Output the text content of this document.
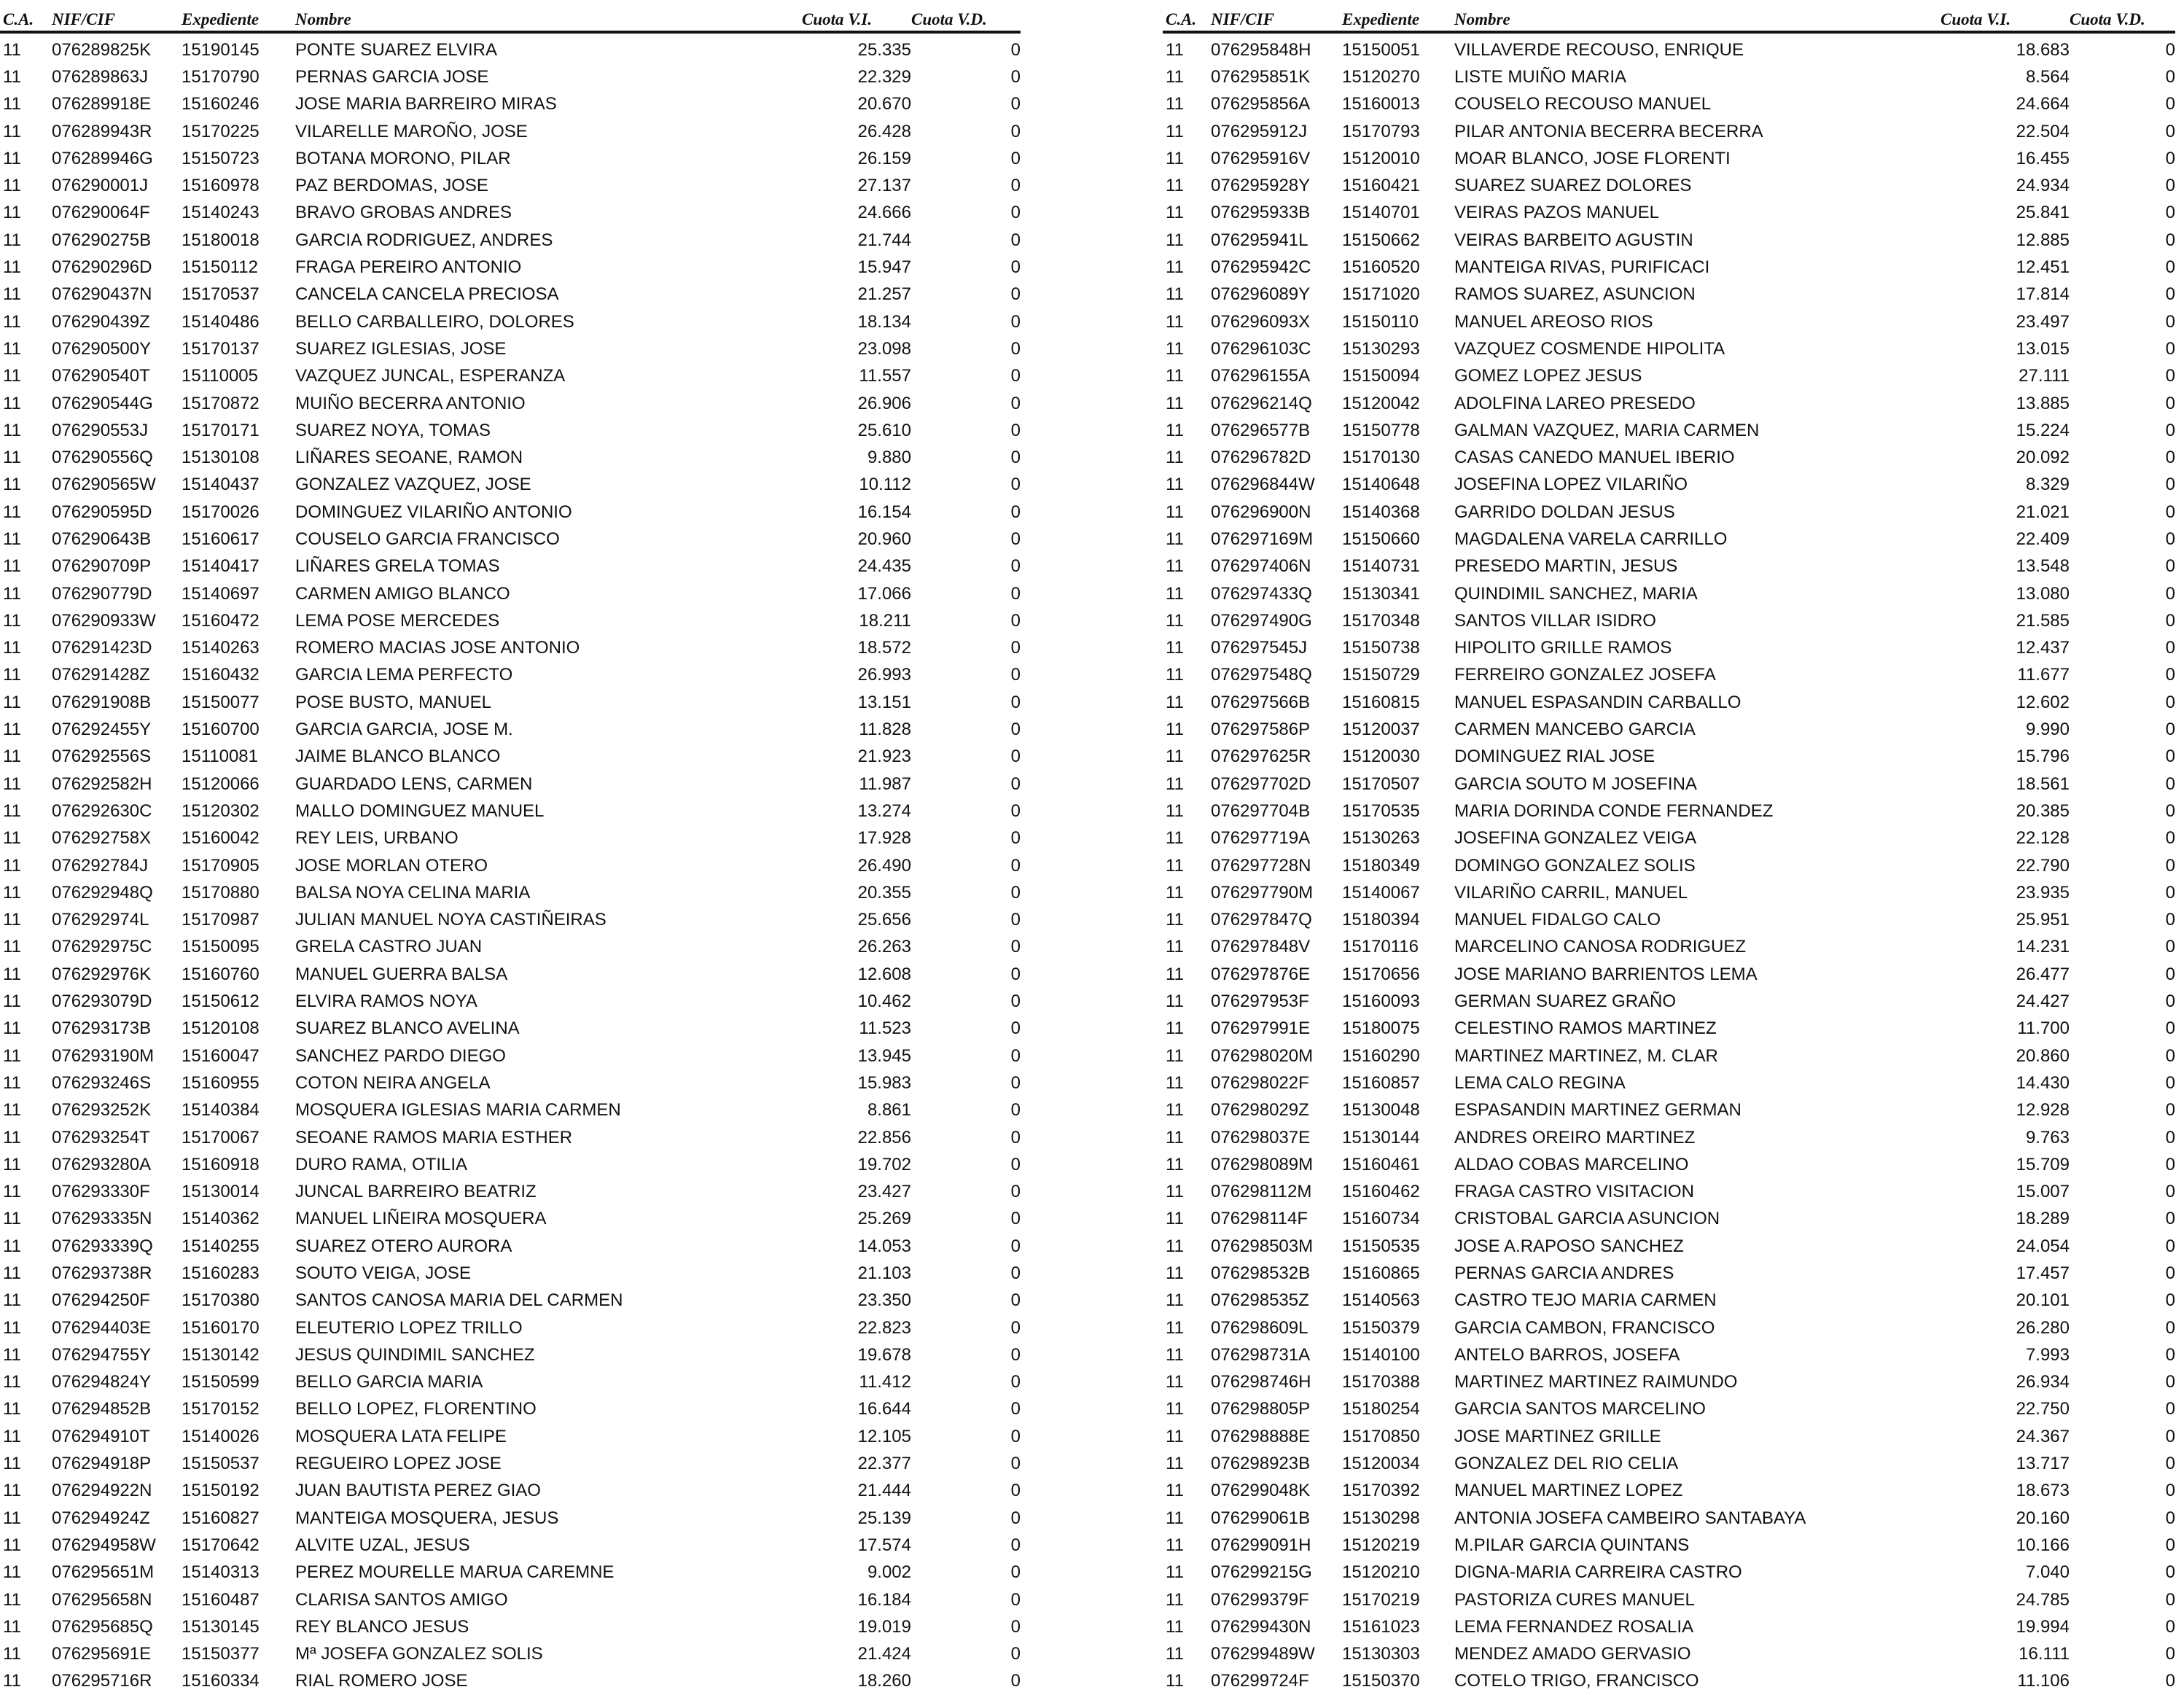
C.A.	NIF/CIF	Expediente	Nombre	Cuota V.I.	Cuota V.D.
11	076289825K	15190145	PONTE SUAREZ ELVIRA	25.335	0
11	076289863J	15170790	PERNAS GARCIA JOSE	22.329	0
11	076289918E	15160246	JOSE MARIA BARREIRO MIRAS	20.670	0
11	076289943R	15170225	VILARELLE MAROÑO, JOSE	26.428	0
11	076289946G	15150723	BOTANA MORONO, PILAR	26.159	0
11	076290001J	15160978	PAZ BERDOMAS, JOSE	27.137	0
11	076290064F	15140243	BRAVO GROBAS ANDRES	24.666	0
11	076290275B	15180018	GARCIA RODRIGUEZ, ANDRES	21.744	0
11	076290296D	15150112	FRAGA PEREIRO ANTONIO	15.947	0
11	076290437N	15170537	CANCELA CANCELA PRECIOSA	21.257	0
11	076290439Z	15140486	BELLO CARBALLEIRO, DOLORES	18.134	0
11	076290500Y	15170137	SUAREZ IGLESIAS, JOSE	23.098	0
11	076290540T	15110005	VAZQUEZ JUNCAL, ESPERANZA	11.557	0
11	076290544G	15170872	MUIÑO BECERRA ANTONIO	26.906	0
11	076290553J	15170171	SUAREZ NOYA, TOMAS	25.610	0
11	076290556Q	15130108	LIÑARES SEOANE, RAMON	9.880	0
11	076290565W	15140437	GONZALEZ VAZQUEZ, JOSE	10.112	0
11	076290595D	15170026	DOMINGUEZ VILARIÑO ANTONIO	16.154	0
11	076290643B	15160617	COUSELO GARCIA FRANCISCO	20.960	0
11	076290709P	15140417	LIÑARES GRELA TOMAS	24.435	0
11	076290779D	15140697	CARMEN AMIGO BLANCO	17.066	0
11	076290933W	15160472	LEMA POSE MERCEDES	18.211	0
11	076291423D	15140263	ROMERO MACIAS JOSE ANTONIO	18.572	0
11	076291428Z	15160432	GARCIA LEMA PERFECTO	26.993	0
11	076291908B	15150077	POSE BUSTO, MANUEL	13.151	0
11	076292455Y	15160700	GARCIA GARCIA, JOSE M.	11.828	0
11	076292556S	15110081	JAIME BLANCO BLANCO	21.923	0
11	076292582H	15120066	GUARDADO LENS, CARMEN	11.987	0
11	076292630C	15120302	MALLO DOMINGUEZ MANUEL	13.274	0
11	076292758X	15160042	REY LEIS, URBANO	17.928	0
11	076292784J	15170905	JOSE MORLAN OTERO	26.490	0
11	076292948Q	15170880	BALSA NOYA CELINA MARIA	20.355	0
11	076292974L	15170987	JULIAN MANUEL NOYA CASTIÑEIRAS	25.656	0
11	076292975C	15150095	GRELA CASTRO JUAN	26.263	0
11	076292976K	15160760	MANUEL GUERRA BALSA	12.608	0
11	076293079D	15150612	ELVIRA RAMOS NOYA	10.462	0
11	076293173B	15120108	SUAREZ BLANCO AVELINA	11.523	0
11	076293190M	15160047	SANCHEZ PARDO DIEGO	13.945	0
11	076293246S	15160955	COTON NEIRA ANGELA	15.983	0
11	076293252K	15140384	MOSQUERA IGLESIAS MARIA CARMEN	8.861	0
11	076293254T	15170067	SEOANE RAMOS MARIA ESTHER	22.856	0
11	076293280A	15160918	DURO RAMA, OTILIA	19.702	0
11	076293330F	15130014	JUNCAL BARREIRO BEATRIZ	23.427	0
11	076293335N	15140362	MANUEL LIÑEIRA MOSQUERA	25.269	0
11	076293339Q	15140255	SUAREZ OTERO AURORA	14.053	0
11	076293738R	15160283	SOUTO VEIGA, JOSE	21.103	0
11	076294250F	15170380	SANTOS CANOSA MARIA DEL CARMEN	23.350	0
11	076294403E	15160170	ELEUTERIO LOPEZ TRILLO	22.823	0
11	076294755Y	15130142	JESUS QUINDIMIL SANCHEZ	19.678	0
11	076294824Y	15150599	BELLO GARCIA MARIA	11.412	0
11	076294852B	15170152	BELLO LOPEZ, FLORENTINO	16.644	0
11	076294910T	15140026	MOSQUERA LATA FELIPE	12.105	0
11	076294918P	15150537	REGUEIRO LOPEZ JOSE	22.377	0
11	076294922N	15150192	JUAN BAUTISTA PEREZ GIAO	21.444	0
11	076294924Z	15160827	MANTEIGA MOSQUERA, JESUS	25.139	0
11	076294958W	15170642	ALVITE UZAL, JESUS	17.574	0
11	076295651M	15140313	PEREZ MOURELLE MARUA CAREMNE	9.002	0
11	076295658N	15160487	CLARISA SANTOS AMIGO	16.184	0
11	076295685Q	15130145	REY BLANCO JESUS	19.019	0
11	076295691E	15150377	Mª JOSEFA GONZALEZ SOLIS	21.424	0
11	076295716R	15160334	RIAL ROMERO JOSE	18.260	0
C.A.	NIF/CIF	Expediente	Nombre	Cuota V.I.	Cuota V.D.
11	076295848H	15150051	VILLAVERDE RECOUSO, ENRIQUE	18.683	0
11	076295851K	15120270	LISTE MUIÑO MARIA	8.564	0
11	076295856A	15160013	COUSELO RECOUSO MANUEL	24.664	0
11	076295912J	15170793	PILAR ANTONIA BECERRA BECERRA	22.504	0
11	076295916V	15120010	MOAR BLANCO, JOSE FLORENTI	16.455	0
11	076295928Y	15160421	SUAREZ SUAREZ DOLORES	24.934	0
11	076295933B	15140701	VEIRAS PAZOS MANUEL	25.841	0
11	076295941L	15150662	VEIRAS BARBEITO AGUSTIN	12.885	0
11	076295942C	15160520	MANTEIGA RIVAS, PURIFICACI	12.451	0
11	076296089Y	15171020	RAMOS SUAREZ, ASUNCION	17.814	0
11	076296093X	15150110	MANUEL AREOSO RIOS	23.497	0
11	076296103C	15130293	VAZQUEZ COSMENDE HIPOLITA	13.015	0
11	076296155A	15150094	GOMEZ LOPEZ JESUS	27.111	0
11	076296214Q	15120042	ADOLFINA LAREO PRESEDO	13.885	0
11	076296577B	15150778	GALMAN VAZQUEZ, MARIA CARMEN	15.224	0
11	076296782D	15170130	CASAS CANEDO MANUEL IBERIO	20.092	0
11	076296844W	15140648	JOSEFINA LOPEZ VILARIÑO	8.329	0
11	076296900N	15140368	GARRIDO DOLDAN JESUS	21.021	0
11	076297169M	15150660	MAGDALENA VARELA CARRILLO	22.409	0
11	076297406N	15140731	PRESEDO MARTIN, JESUS	13.548	0
11	076297433Q	15130341	QUINDIMIL SANCHEZ, MARIA	13.080	0
11	076297490G	15170348	SANTOS VILLAR ISIDRO	21.585	0
11	076297545J	15150738	HIPOLITO GRILLE RAMOS	12.437	0
11	076297548Q	15150729	FERREIRO GONZALEZ JOSEFA	11.677	0
11	076297566B	15160815	MANUEL ESPASANDIN CARBALLO	12.602	0
11	076297586P	15120037	CARMEN MANCEBO GARCIA	9.990	0
11	076297625R	15120030	DOMINGUEZ RIAL JOSE	15.796	0
11	076297702D	15170507	GARCIA SOUTO M JOSEFINA	18.561	0
11	076297704B	15170535	MARIA DORINDA CONDE FERNANDEZ	20.385	0
11	076297719A	15130263	JOSEFINA GONZALEZ VEIGA	22.128	0
11	076297728N	15180349	DOMINGO GONZALEZ SOLIS	22.790	0
11	076297790M	15140067	VILARIÑO CARRIL, MANUEL	23.935	0
11	076297847Q	15180394	MANUEL FIDALGO CALO	25.951	0
11	076297848V	15170116	MARCELINO CANOSA RODRIGUEZ	14.231	0
11	076297876E	15170656	JOSE MARIANO BARRIENTOS LEMA	26.477	0
11	076297953F	15160093	GERMAN SUAREZ GRAÑO	24.427	0
11	076297991E	15180075	CELESTINO RAMOS MARTINEZ	11.700	0
11	076298020M	15160290	MARTINEZ MARTINEZ, M. CLAR	20.860	0
11	076298022F	15160857	LEMA CALO REGINA	14.430	0
11	076298029Z	15130048	ESPASANDIN MARTINEZ GERMAN	12.928	0
11	076298037E	15130144	ANDRES OREIRO MARTINEZ	9.763	0
11	076298089M	15160461	ALDAO COBAS MARCELINO	15.709	0
11	076298112M	15160462	FRAGA CASTRO VISITACION	15.007	0
11	076298114F	15160734	CRISTOBAL GARCIA ASUNCION	18.289	0
11	076298503M	15150535	JOSE A.RAPOSO SANCHEZ	24.054	0
11	076298532B	15160865	PERNAS GARCIA ANDRES	17.457	0
11	076298535Z	15140563	CASTRO TEJO MARIA CARMEN	20.101	0
11	076298609L	15150379	GARCIA CAMBON, FRANCISCO	26.280	0
11	076298731A	15140100	ANTELO BARROS, JOSEFA	7.993	0
11	076298746H	15170388	MARTINEZ MARTINEZ RAIMUNDO	26.934	0
11	076298805P	15180254	GARCIA SANTOS MARCELINO	22.750	0
11	076298888E	15170850	JOSE MARTINEZ GRILLE	24.367	0
11	076298923B	15120034	GONZALEZ DEL RIO CELIA	13.717	0
11	076299048K	15170392	MANUEL MARTINEZ LOPEZ	18.673	0
11	076299061B	15130298	ANTONIA JOSEFA CAMBEIRO SANTABAYA	20.160	0
11	076299091H	15120219	M.PILAR GARCIA QUINTANS	10.166	0
11	076299215G	15120210	DIGNA-MARIA CARREIRA CASTRO	7.040	0
11	076299379F	15170219	PASTORIZA CURES MANUEL	24.785	0
11	076299430N	15161023	LEMA FERNANDEZ ROSALIA	19.994	0
11	076299489W	15130303	MENDEZ AMADO GERVASIO	16.111	0
11	076299724F	15150370	COTELO TRIGO, FRANCISCO	11.106	0
